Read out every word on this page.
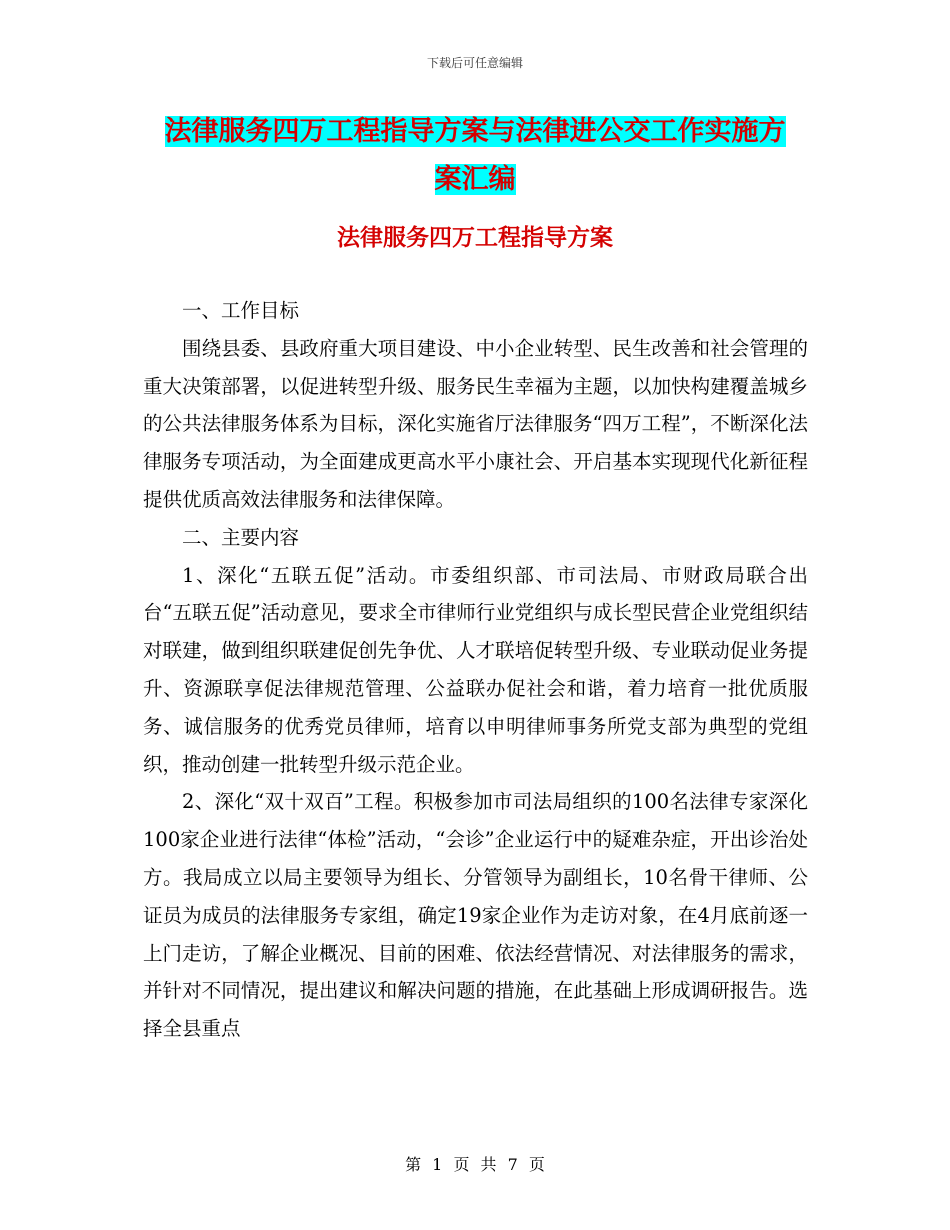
下载后可任意编辑
法律服务四万工程指导方案与法律进公交工作实施方
案汇编
法律服务四万工程指导方案

一、工作目标

围绕县委、县政府重大项目建设、中小企业转型、民生改善和社会管理的重大决策部署，以促进转型升级、服务民生幸福为主题，以加快构建覆盖城乡的公共法律服务体系为目标，深化实施省厅法律服务“四万工程”，不断深化法律服务专项活动，为全面建成更高水平小康社会、开启基本实现现代化新征程提供优质高效法律服务和法律保障。

二、主要内容

1、深化“五联五促”活动。市委组织部、市司法局、市财政局联合出台“五联五促”活动意见，要求全市律师行业党组织与成长型民营企业党组织结对联建，做到组织联建促创先争优、人才联培促转型升级、专业联动促业务提升、资源联享促法律规范管理、公益联办促社会和谐，着力培育一批优质服务、诚信服务的优秀党员律师，培育以申明律师事务所党支部为典型的党组织，推动创建一批转型升级示范企业。

2、深化“双十双百”工程。积极参加市司法局组织的100名法律专家深化100家企业进行法律“体检”活动，“会诊”企业运行中的疑难杂症，开出诊治处方。我局成立以局主要领导为组长、分管领导为副组长，10名骨干律师、公证员为成员的法律服务专家组，确定19家企业作为走访对象，在4月底前逐一上门走访，了解企业概况、目前的困难、依法经营情况、对法律服务的需求，并针对不同情况，提出建议和解决问题的措施，在此基础上形成调研报告。选择全县重点

第 1 页 共 7 页
